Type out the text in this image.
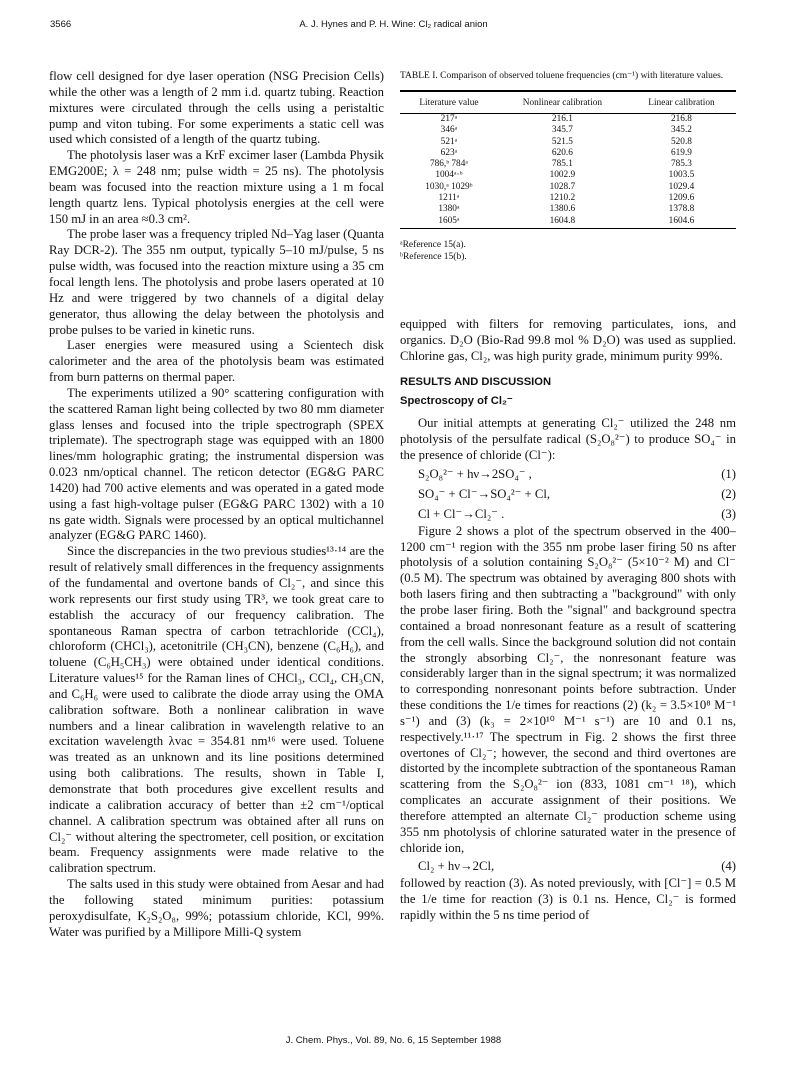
3566	A. J. Hynes and P. H. Wine: Cl₂ radical anion

flow cell designed for dye laser operation (NSG Precision Cells) while the other was a length of 2 mm i.d. quartz tubing. Reaction mixtures were circulated through the cells using a peristaltic pump and viton tubing. For some experiments a static cell was used which consisted of a length of the quartz tubing.

The photolysis laser was a KrF excimer laser (Lambda Physik EMG200E; λ = 248 nm; pulse width = 25 ns). The photolysis beam was focused into the reaction mixture using a 1 m focal length quartz lens. Typical photolysis energies at the cell were 150 mJ in an area ≈0.3 cm².

The probe laser was a frequency tripled Nd–Yag laser (Quanta Ray DCR-2). The 355 nm output, typically 5–10 mJ/pulse, 5 ns pulse width, was focused into the reaction mixture using a 35 cm focal length lens. The photolysis and probe lasers operated at 10 Hz and were triggered by two channels of a digital delay generator, thus allowing the delay between the photolysis and probe pulses to be varied in kinetic runs.

Laser energies were measured using a Scientech disk calorimeter and the area of the photolysis beam was estimated from burn patterns on thermal paper.

The experiments utilized a 90° scattering configuration with the scattered Raman light being collected by two 80 mm diameter glass lenses and focused into the triple spectrograph (SPEX triplemate). The spectrograph stage was equipped with an 1800 lines/mm holographic grating; the instrumental dispersion was 0.023 nm/optical channel. The reticon detector (EG&G PARC 1420) had 700 active elements and was operated in a gated mode using a fast high-voltage pulser (EG&G PARC 1302) with a 10 ns gate width. Signals were processed by an optical multichannel analyzer (EG&G PARC 1460).

Since the discrepancies in the two previous studies¹³·¹⁴ are the result of relatively small differences in the frequency assignments of the fundamental and overtone bands of Cl₂⁻, and since this work represents our first study using TR³, we took great care to establish the accuracy of our frequency calibration. The spontaneous Raman spectra of carbon tetrachloride (CCl₄), chloroform (CHCl₃), acetonitrile (CH₃CN), benzene (C₆H₆), and toluene (C₆H₅CH₃) were obtained under identical conditions. Literature values¹⁵ for the Raman lines of CHCl₃, CCl₄, CH₃CN, and C₆H₆ were used to calibrate the diode array using the OMA calibration software. Both a nonlinear calibration in wave numbers and a linear calibration in wavelength relative to an excitation wavelength λvac = 354.81 nm¹⁶ were used. Toluene was treated as an unknown and its line positions determined using both calibrations. The results, shown in Table I, demonstrate that both procedures give excellent results and indicate a calibration accuracy of better than ±2 cm⁻¹/optical channel. A calibration spectrum was obtained after all runs on Cl₂⁻ without altering the spectrometer, cell position, or excitation beam. Frequency assignments were made relative to the calibration spectrum.

The salts used in this study were obtained from Aesar and had the following stated minimum purities: potassium peroxydisulfate, K₂S₂O₈, 99%; potassium chloride, KCl, 99%. Water was purified by a Millipore Milli-Q system

TABLE I. Comparison of observed toluene frequencies (cm⁻¹) with literature values.

Literature value	Nonlinear calibration	Linear calibration
217ᵃ	216.1	216.8
346ᵃ	345.7	345.2
521ᵃ	521.5	520.8
623ᵃ	620.6	619.9
786,ᵇ 784ᵃ	785.1	785.3
1004ᵃ·ᵇ	1002.9	1003.5
1030,ᵃ 1029ᵇ	1028.7	1029.4
1211ᵃ	1210.2	1209.6
1380ᵃ	1380.6	1378.8
1605ᵃ	1604.8	1604.6
ᵃReference 15(a).
ᵇReference 15(b).

equipped with filters for removing particulates, ions, and organics. D₂O (Bio-Rad 99.8 mol % D₂O) was used as supplied. Chlorine gas, Cl₂, was high purity grade, minimum purity 99%.

RESULTS AND DISCUSSION
Spectroscopy of Cl₂⁻

Our initial attempts at generating Cl₂⁻ utilized the 248 nm photolysis of the persulfate radical (S₂O₈²⁻) to produce SO₄⁻ in the presence of chloride (Cl⁻):

S₂O₈²⁻ + hν→2SO₄⁻ ,	(1)
SO₄⁻ + Cl⁻→SO₄²⁻ + Cl,	(2)
Cl + Cl⁻→Cl₂⁻ .	(3)

Figure 2 shows a plot of the spectrum observed in the 400–1200 cm⁻¹ region with the 355 nm probe laser firing 50 ns after photolysis of a solution containing S₂O₈²⁻ (5×10⁻² M) and Cl⁻ (0.5 M). The spectrum was obtained by averaging 800 shots with both lasers firing and then subtracting a "background" with only the probe laser firing. Both the "signal" and background spectra contained a broad nonresonant feature as a result of scattering from the cell walls. Since the background solution did not contain the strongly absorbing Cl₂⁻, the nonresonant feature was considerably larger than in the signal spectrum; it was normalized to corresponding nonresonant points before subtraction. Under these conditions the 1/e times for reactions (2) (k₂ = 3.5×10⁸ M⁻¹ s⁻¹) and (3) (k₃ = 2×10¹⁰ M⁻¹ s⁻¹) are 10 and 0.1 ns, respectively.¹¹·¹⁷ The spectrum in Fig. 2 shows the first three overtones of Cl₂⁻; however, the second and third overtones are distorted by the incomplete subtraction of the spontaneous Raman scattering from the S₂O₈²⁻ ion (833, 1081 cm⁻¹ ¹⁸), which complicates an accurate assignment of their positions. We therefore attempted an alternate Cl₂⁻ production scheme using 355 nm photolysis of chlorine saturated water in the presence of chloride ion,

Cl₂ + hν→2Cl,	(4)

followed by reaction (3). As noted previously, with [Cl⁻] = 0.5 M the 1/e time for reaction (3) is 0.1 ns. Hence, Cl₂⁻ is formed rapidly within the 5 ns time period of

J. Chem. Phys., Vol. 89, No. 6, 15 September 1988
